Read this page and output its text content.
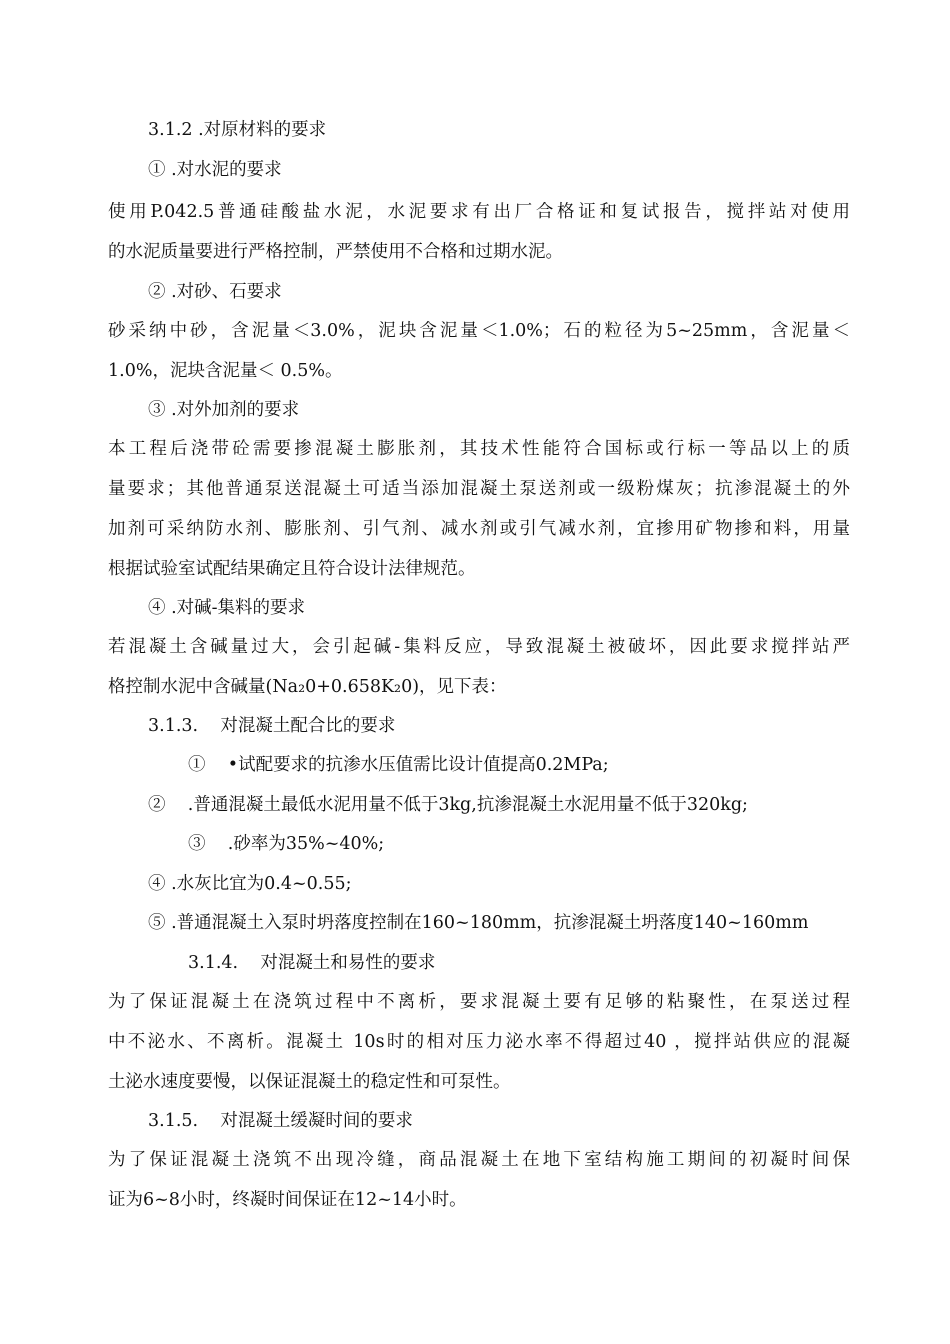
3.1.2 .对原材料的要求
① .对水泥的要求
使用P.042.5普通硅酸盐水泥，水泥要求有出厂合格证和复试报告，搅拌站对使用
的水泥质量要进行严格控制，严禁使用不合格和过期水泥。
② .对砂、石要求
砂采纳中砂，含泥量＜3.0%，泥块含泥量＜1.0%；石的粒径为5~25mm，含泥量＜
1.0%，泥块含泥量＜ 0.5%。
③ .对外加剂的要求
本工程后浇带砼需要掺混凝土膨胀剂，其技术性能符合国标或行标一等品以上的质
量要求；其他普通泵送混凝土可适当添加混凝土泵送剂或一级粉煤灰；抗渗混凝土的外
加剂可采纳防水剂、膨胀剂、引气剂、减水剂或引气减水剂，宜掺用矿物掺和料，用量
根据试验室试配结果确定且符合设计法律规范。
④ .对碱-集料的要求
若混凝土含碱量过大，会引起碱-集料反应，导致混凝土被破坏，因此要求搅拌站严
格控制水泥中含碱量(Na₂0+0.658K₂0)，见下表：
3.1.3.    对混凝土配合比的要求
①    •试配要求的抗渗水压值需比设计值提高0.2MPa;
②    .普通混凝土最低水泥用量不低于3kg,抗渗混凝土水泥用量不低于320kg;
③    .砂率为35%~40%;
④ .水灰比宜为0.4~0.55;
⑤ .普通混凝土入泵时坍落度控制在160~180mm，抗渗混凝土坍落度140~160mm
3.1.4.    对混凝土和易性的要求
为了保证混凝土在浇筑过程中不离析，要求混凝土要有足够的粘聚性，在泵送过程
中不泌水、不离析。混凝土 10s时的相对压力泌水率不得超过40 ，搅拌站供应的混凝
土泌水速度要慢，以保证混凝土的稳定性和可泵性。
3.1.5.    对混凝土缓凝时间的要求
为了保证混凝土浇筑不出现冷缝，商品混凝土在地下室结构施工期间的初凝时间保
证为6~8小时，终凝时间保证在12~14小时。
